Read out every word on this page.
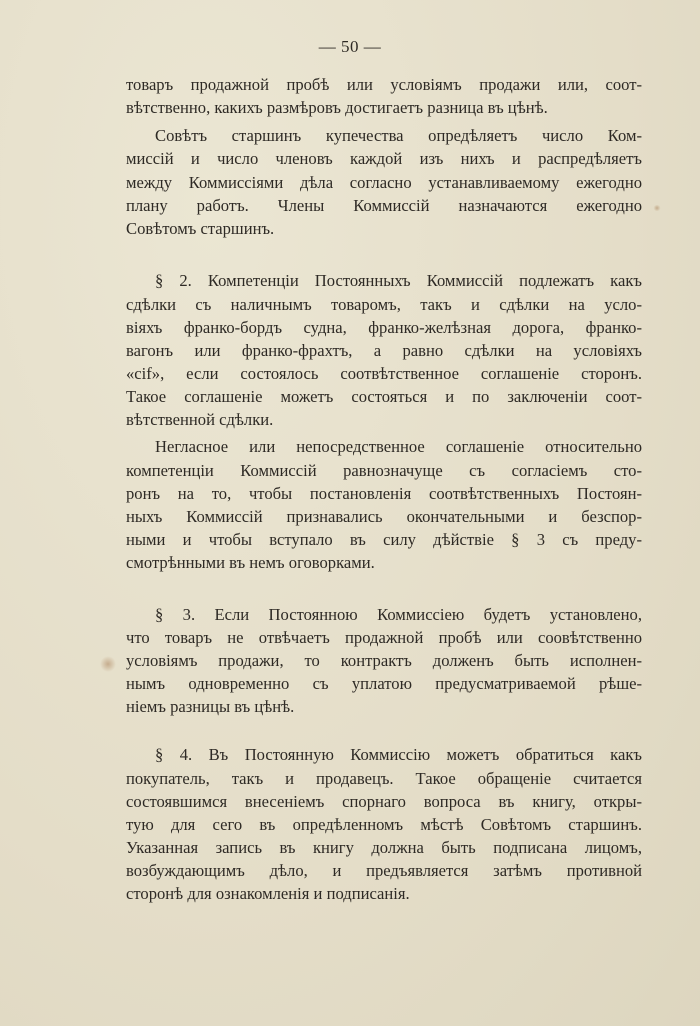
— 50 —
товаръ продажной пробѣ или условіямъ продажи или, соот-
вѣтственно, какихъ размѣровъ достигаетъ разница въ цѣнѣ.
Совѣтъ старшинъ купечества опредѣляетъ число Ком-
миссій и число членовъ каждой изъ нихъ и распредѣляетъ
между Коммиссіями дѣла согласно устанавливаемому ежегодно
плану работъ. Члены Коммиссій назначаются ежегодно
Совѣтомъ старшинъ.
§ 2. Компетенціи Постоянныхъ Коммиссій подлежатъ какъ
сдѣлки съ наличнымъ товаромъ, такъ и сдѣлки на усло-
віяхъ франко-бордъ судна, франко-желѣзная дорога, франко-
вагонъ или франко-фрахтъ, а равно сдѣлки на условіяхъ
«cif», если состоялось соотвѣтственное соглашеніе сторонъ.
Такое соглашеніе можетъ состояться и по заключеніи соот-
вѣтственной сдѣлки.
Негласное или непосредственное соглашеніе относительно
компетенціи Коммиссій равнозначуще съ согласіемъ сто-
ронъ на то, чтобы постановленія соотвѣтственныхъ Постоян-
ныхъ Коммиссій признавались окончательными и безспор-
ными и чтобы вступало въ силу дѣйствіе § 3 съ преду-
смотрѣнными въ немъ оговорками.
§ 3. Если Постоянною Коммиссіею будетъ установлено,
что товаръ не отвѣчаетъ продажной пробѣ или соовѣтственно
условіямъ продажи, то контрактъ долженъ быть исполнен-
нымъ одновременно съ уплатою предусматриваемой рѣше-
ніемъ разницы въ цѣнѣ.
§ 4. Въ Постоянную Коммиссію можетъ обратиться какъ
покупатель, такъ и продавецъ. Такое обращеніе считается
состоявшимся внесеніемъ спорнаго вопроса въ книгу, откры-
тую для сего въ опредѣленномъ мѣстѣ Совѣтомъ старшинъ.
Указанная запись въ книгу должна быть подписана лицомъ,
возбуждающимъ дѣло, и предъявляется затѣмъ противной
сторонѣ для ознакомленія и подписанія.
